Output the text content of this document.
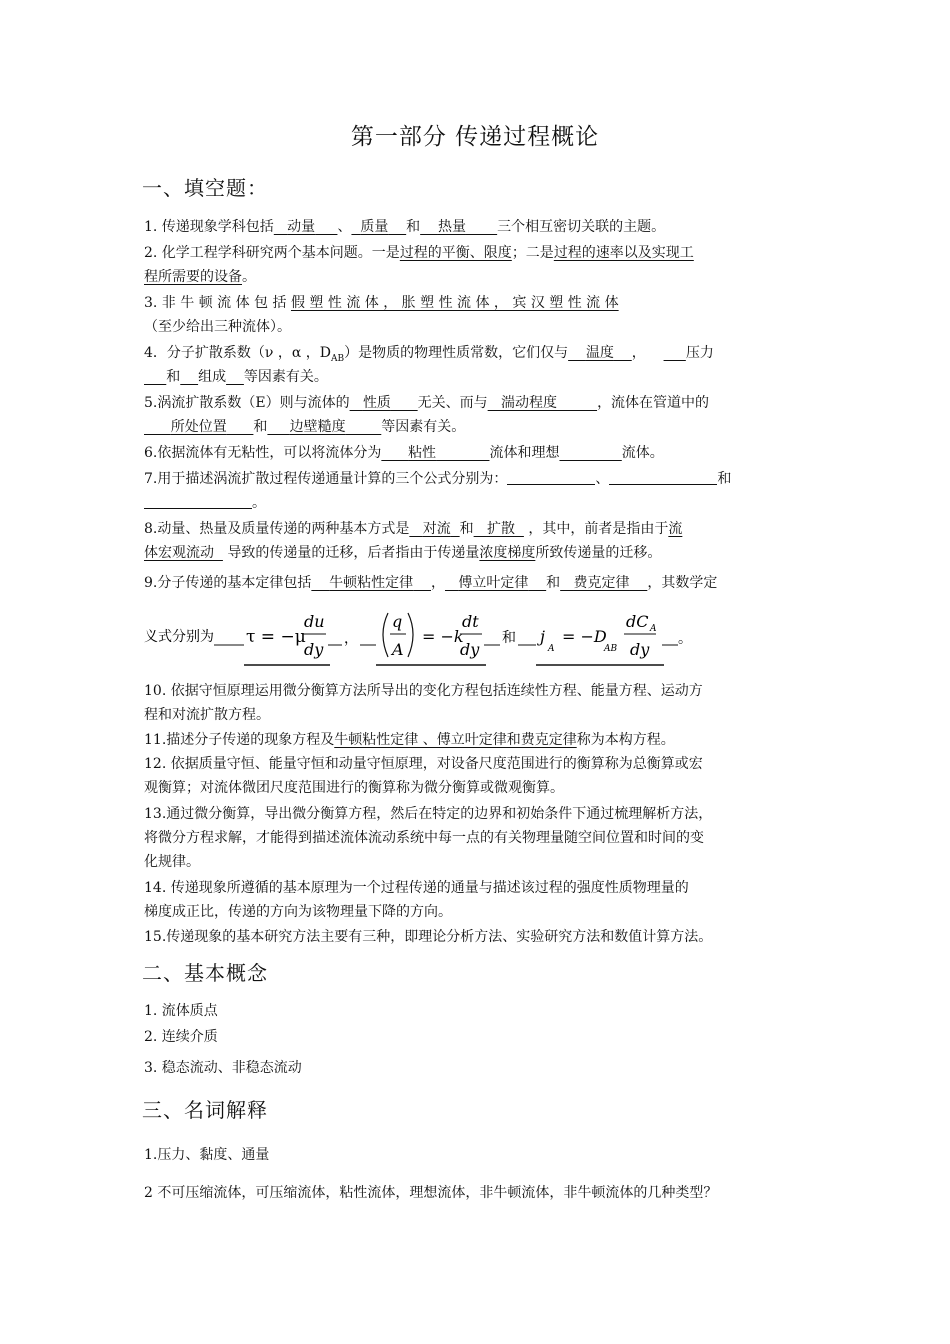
第一部分 传递过程概论
一、填空题：
1. 传递现象学科包括 动量 、 质量 和 热量 三个相互密切关联的主题。
2. 化学工程学科研究两个基本问题。一是过程的平衡、限度；二是过程的速率以及实现工
程所需要的设备。
3. 非 牛 顿 流 体 包 括 假 塑 性 流 体 ， 胀 塑 性 流 体 ， 宾 汉 塑 性 流 体
（至少给出三种流体）。
4．分子扩散系数（ν ，α ，$D_{AB}$）是物质的物理性质常数，它们仅与 温度 ，	压力
和 组成 等因素有关。
5.涡流扩散系数（E）则与流体的 性质 无关、而与 湍动程度	，流体在管道中的
所处位置 和 边壁糙度	等因素有关。
6.依据流体有无粘性，可以将流体分为 粘性	流体和理想	流体。
7.用于描述涡流扩散过程传递通量计算的三个公式分别为：	、	和
。
8.动量、热量及质量传递的两种基本方式是 对流 和 扩散 ，其中，前者是指由于流
体宏观流动 导致的传递量的迁移，后者指由于传递量浓度梯度所致传递量的迁移。
9.分子传递的基本定律包括 牛顿粘性定律 ， 傅立叶定律 和 费克定律 ，其数学定
义式分别为 τ = −μ
du
dy
，
q
A
= −k
dt
dy
和 j
A
= −D
AB
dC A
dy
。
10. 依据守恒原理运用微分衡算方法所导出的变化方程包括连续性方程、能量方程、运动方
程和对流扩散方程。
11.描述分子传递的现象方程及牛顿粘性定律 、傅立叶定律和费克定律称为本构方程。
12. 依据质量守恒、能量守恒和动量守恒原理，对设备尺度范围进行的衡算称为总衡算或宏
观衡算；对流体微团尺度范围进行的衡算称为微分衡算或微观衡算。
13.通过微分衡算，导出微分衡算方程，然后在特定的边界和初始条件下通过梳理解析方法，
将微分方程求解，才能得到描述流体流动系统中每一点的有关物理量随空间位置和时间的变
化规律。
14. 传递现象所遵循的基本原理为一个过程传递的通量与描述该过程的强度性质物理量的
梯度成正比，传递的方向为该物理量下降的方向。
15.传递现象的基本研究方法主要有三种，即理论分析方法、实验研究方法和数值计算方法。
二、基本概念
1. 流体质点
2. 连续介质
3. 稳态流动、非稳态流动
三、名词解释
1.压力、黏度、通量
2 不可压缩流体，可压缩流体，粘性流体，理想流体，非牛顿流体，非牛顿流体的几种类型？
